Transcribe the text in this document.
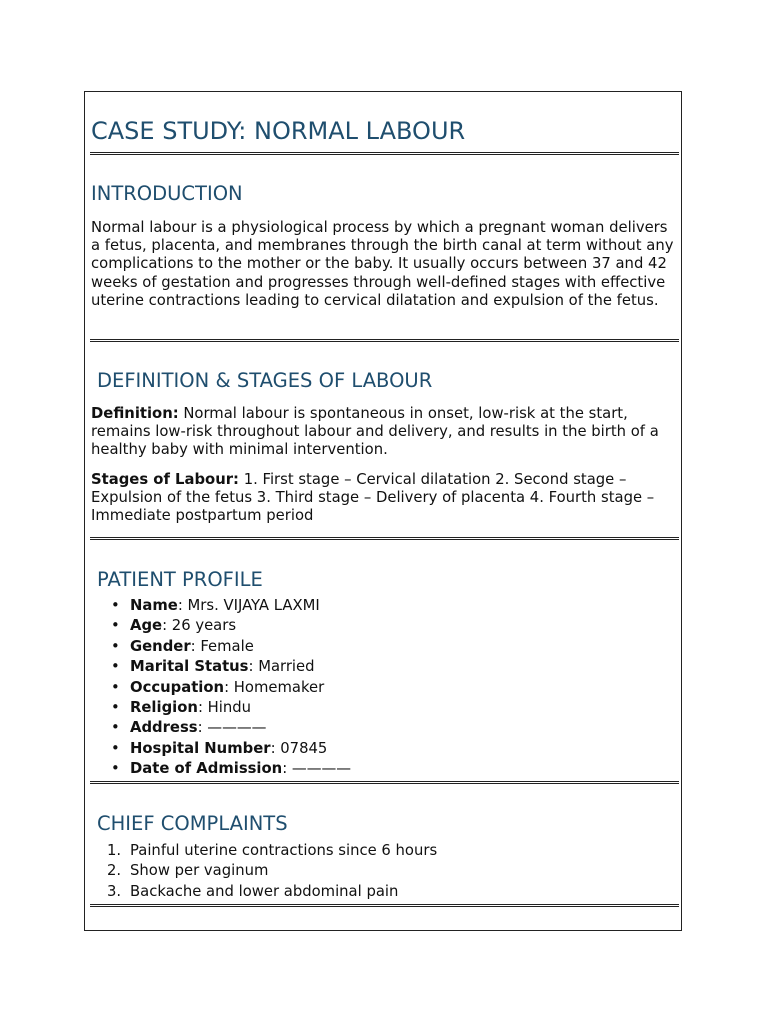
CASE STUDY: NORMAL LABOUR
INTRODUCTION
Normal labour is a physiological process by which a pregnant woman delivers a fetus, placenta, and membranes through the birth canal at term without any complications to the mother or the baby. It usually occurs between 37 and 42 weeks of gestation and progresses through well-defined stages with effective uterine contractions leading to cervical dilatation and expulsion of the fetus.
DEFINITION & STAGES OF LABOUR
Definition: Normal labour is spontaneous in onset, low-risk at the start, remains low-risk throughout labour and delivery, and results in the birth of a healthy baby with minimal intervention.
Stages of Labour: 1. First stage – Cervical dilatation 2. Second stage – Expulsion of the fetus 3. Third stage – Delivery of placenta 4. Fourth stage – Immediate postpartum period
PATIENT PROFILE
• Name: Mrs. VIJAYA LAXMI
• Age: 26 years
• Gender: Female
• Marital Status: Married
• Occupation: Homemaker
• Religion: Hindu
• Address: ————
• Hospital Number: 07845
• Date of Admission: ————
CHIEF COMPLAINTS
1. Painful uterine contractions since 6 hours
2. Show per vaginum
3. Backache and lower abdominal pain
